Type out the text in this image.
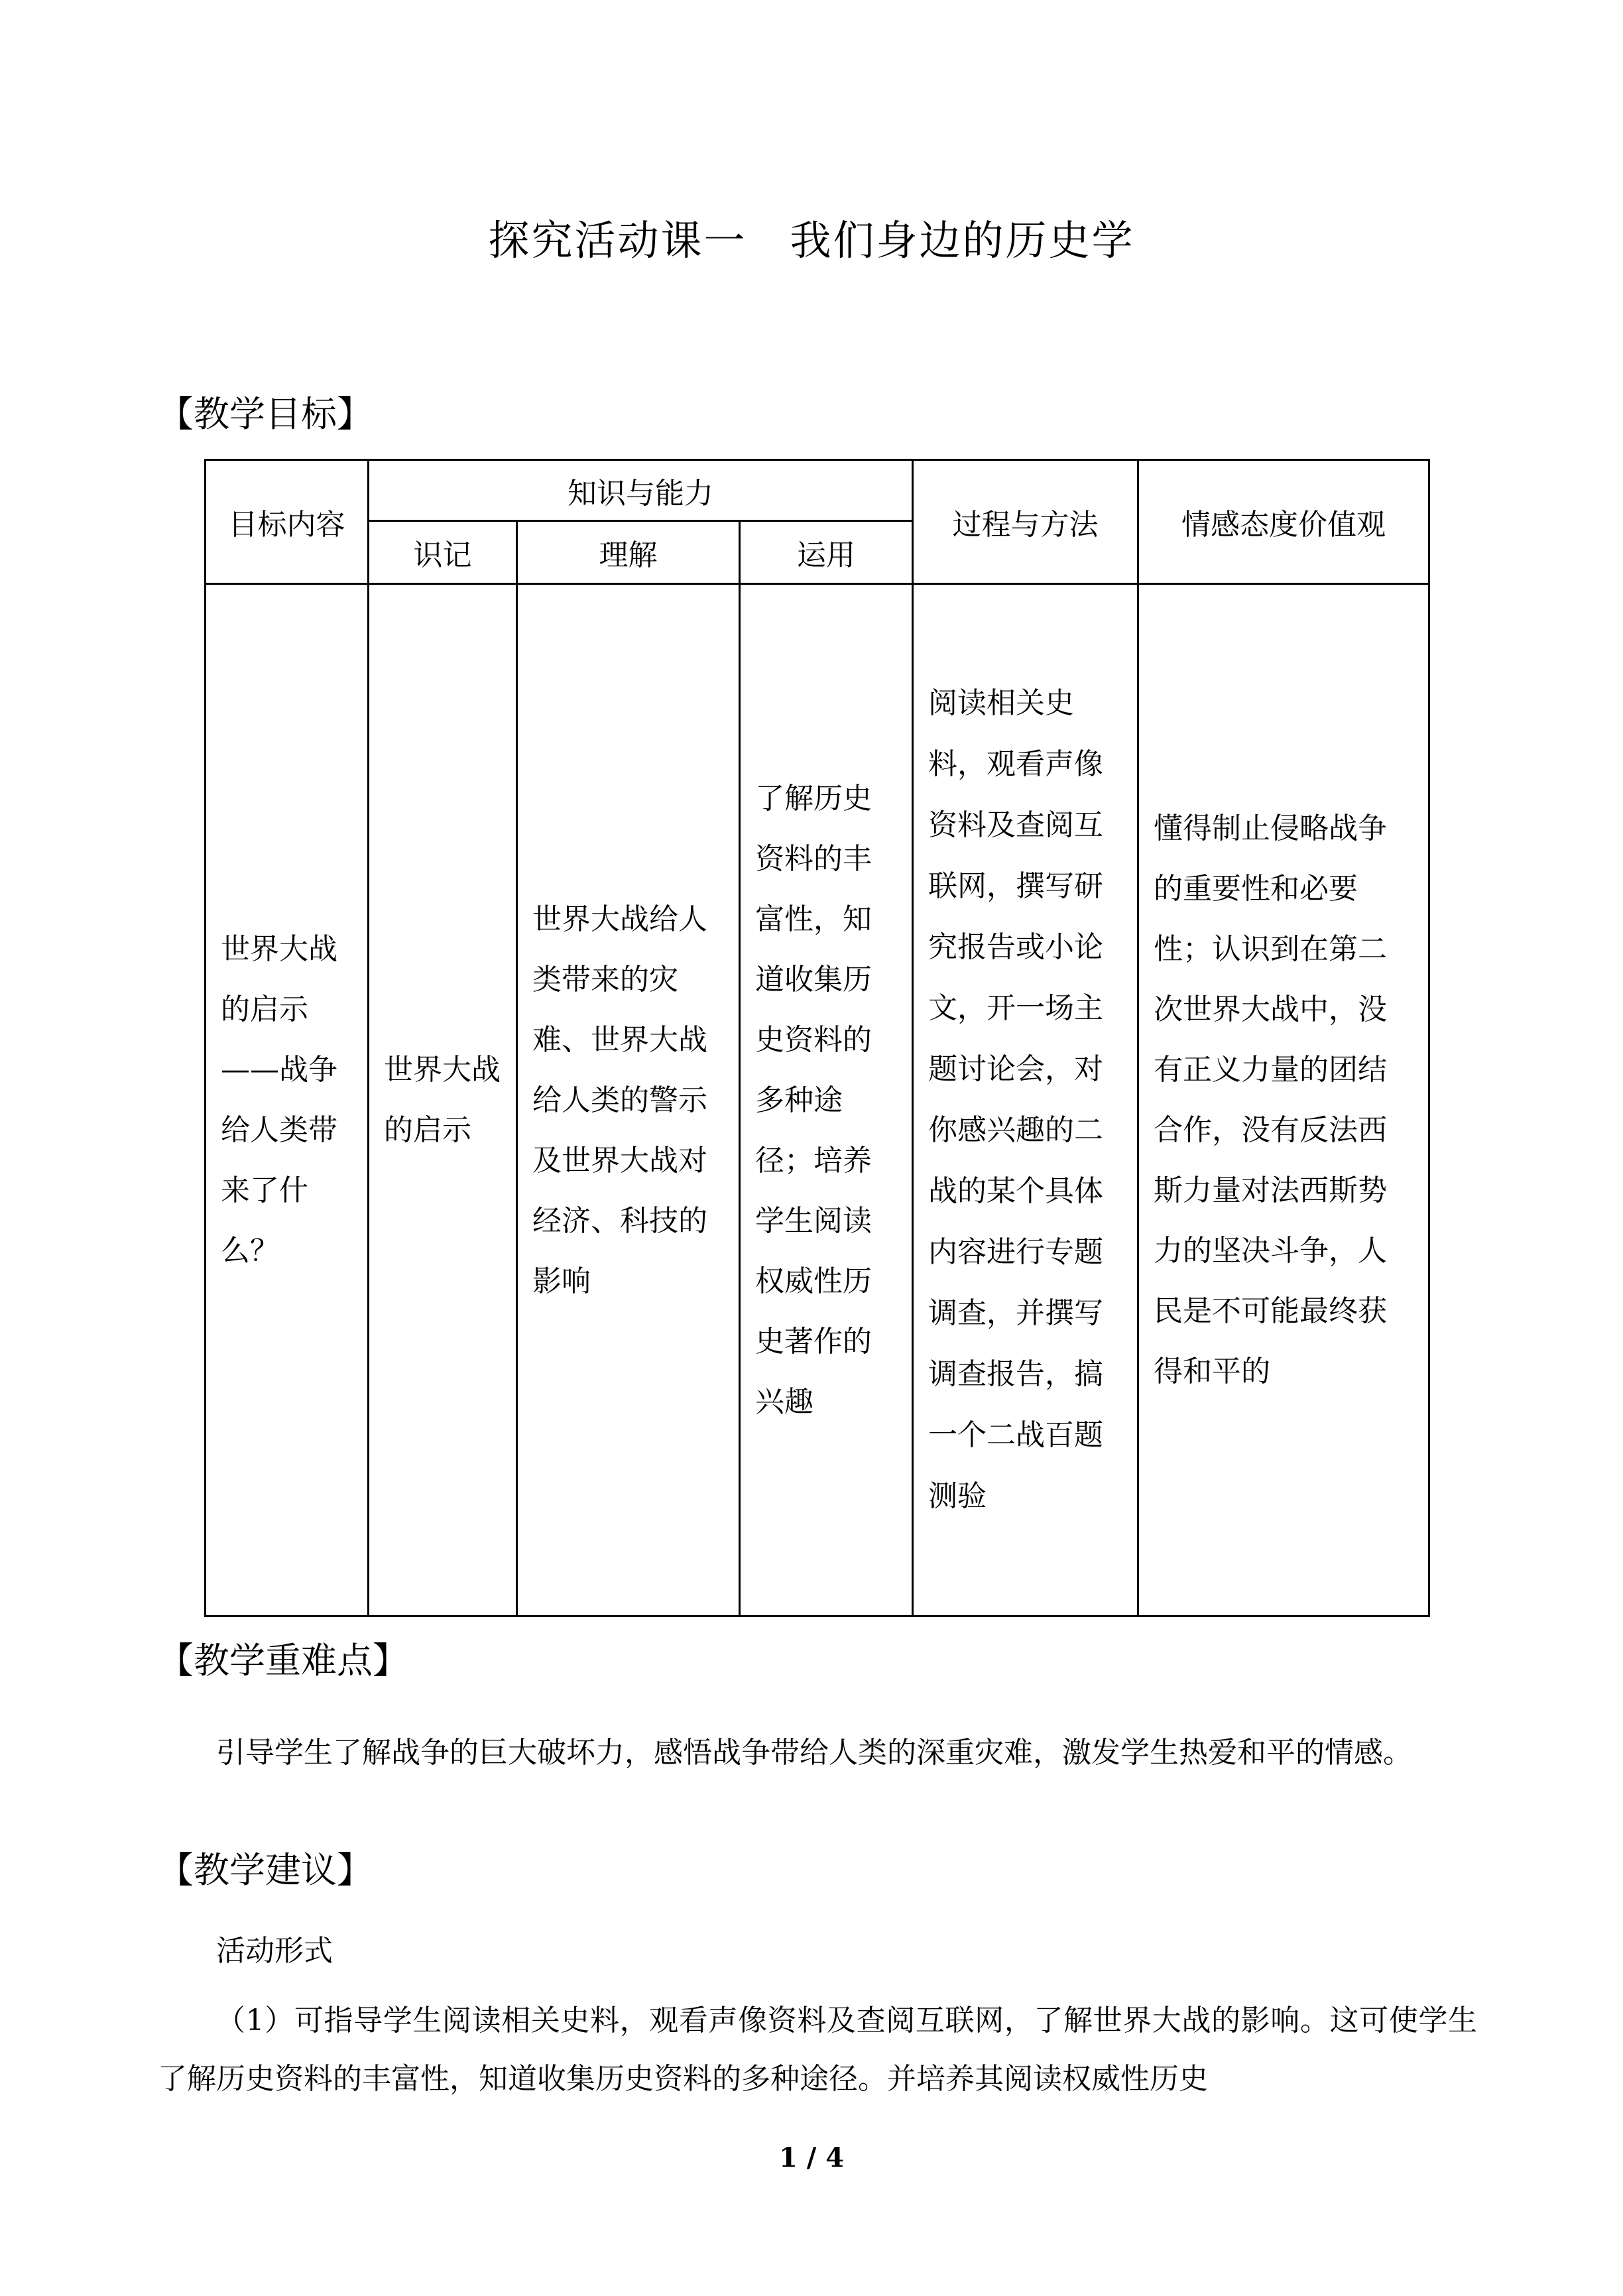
探究活动课一　我们身边的历史学
【教学目标】
目标内容	知识与能力			过程与方法	情感态度价值观
	识记	理解	运用		

世界大战的启示——战争给人类带来了什么？	世界大战的启示	世界大战给人类带来的灾难、世界大战给人类的警示及世界大战对经济、科技的影响	了解历史资料的丰富性，知道收集历史资料的多种途径；培养学生阅读权威性历史著作的兴趣	阅读相关史料，观看声像资料及查阅互联网，撰写研究报告或小论文，开一场主题讨论会，对你感兴趣的二战的某个具体内容进行专题调查，并撰写调查报告，搞一个二战百题测验	懂得制止侵略战争的重要性和必要性；认识到在第二次世界大战中，没有正义力量的团结合作，没有反法西斯力量对法西斯势力的坚决斗争，人民是不可能最终获得和平的
【教学重难点】
引导学生了解战争的巨大破坏力，感悟战争带给人类的深重灾难，激发学生热爱和平的情感。
【教学建议】
活动形式
（1）可指导学生阅读相关史料，观看声像资料及查阅互联网，了解世界大战的影响。这可使学生了解历史资料的丰富性，知道收集历史资料的多种途径。并培养其阅读权威性历史
1 / 4
